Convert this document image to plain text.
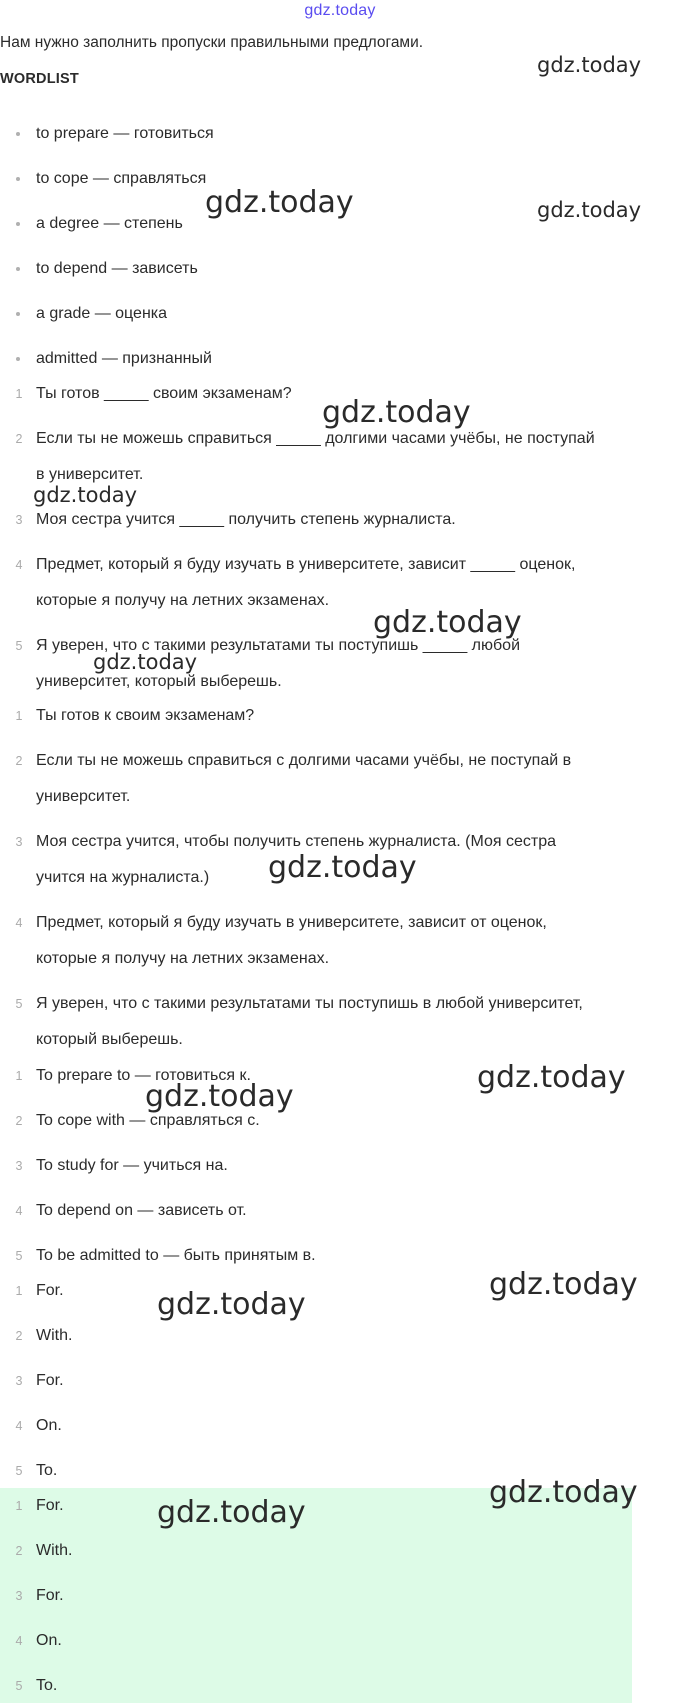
gdz.today
Нам нужно заполнить пропуски правильными предлогами.
WORDLIST
to prepare — готовиться
to cope — справляться
a degree — степень
to depend — зависеть
a grade — оценка
admitted — признанный
1 Ты готов _____ своим экзаменам?
2 Если ты не можешь справиться _____ долгими часами учёбы, не поступай
в университет.
3 Моя сестра учится _____ получить степень журналиста.
4 Предмет, который я буду изучать в университете, зависит _____ оценок,
которые я получу на летних экзаменах.
5 Я уверен, что с такими результатами ты поступишь _____ любой
университет, который выберешь.
1 Ты готов к своим экзаменам?
2 Если ты не можешь справиться с долгими часами учёбы, не поступай в
университет.
3 Моя сестра учится, чтобы получить степень журналиста. (Моя сестра
учится на журналиста.)
4 Предмет, который я буду изучать в университете, зависит от оценок,
которые я получу на летних экзаменах.
5 Я уверен, что с такими результатами ты поступишь в любой университет,
который выберешь.
1 To prepare to — готовиться к.
2 To cope with — справляться с.
3 To study for — учиться на.
4 To depend on — зависеть от.
5 To be admitted to — быть принятым в.
1 For.
2 With.
3 For.
4 On.
5 To.
1 For.
2 With.
3 For.
4 On.
5 To.
gdz.today
gdz.today
gdz.today
gdz.today
gdz.today
gdz.today
gdz.today
gdz.today
gdz.today
gdz.today
gdz.today
gdz.today
gdz.today
gdz.today
